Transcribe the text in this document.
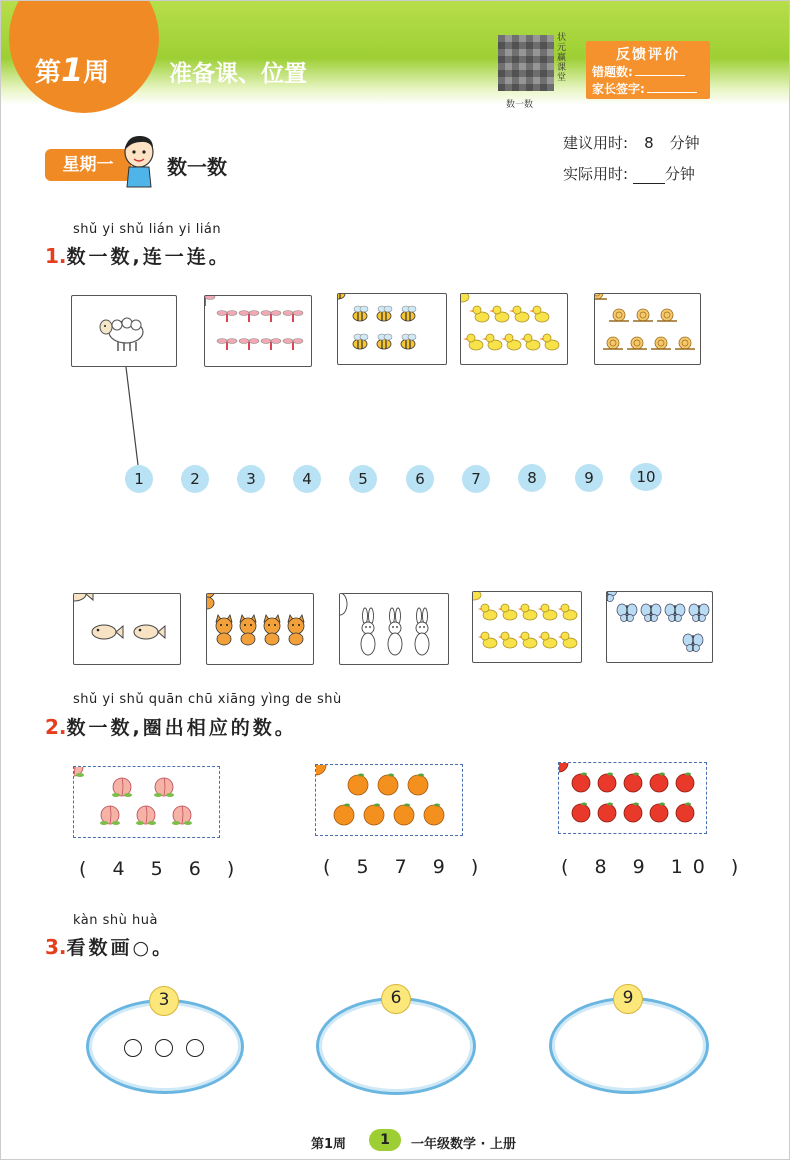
第1周	准备课、位置
状元赢课堂
数一数
反馈评价
错题数:
家长签字:
星期一	数一数
建议用时: 8 分钟
实际用时: 分钟
shǔ yi shǔ lián yi lián
1.数一数,连一连。
1	2	3	4	5	6	7	8	9	10
shǔ yi shǔ quān chū xiāng yìng de shù
2.数一数,圈出相应的数。
( 4 5 6 )	( 5 7 9 )	( 8 9 10 )
kàn shù huà
3.看数画○。
3	6	9
第1周	1	一年级数学 · 上册
